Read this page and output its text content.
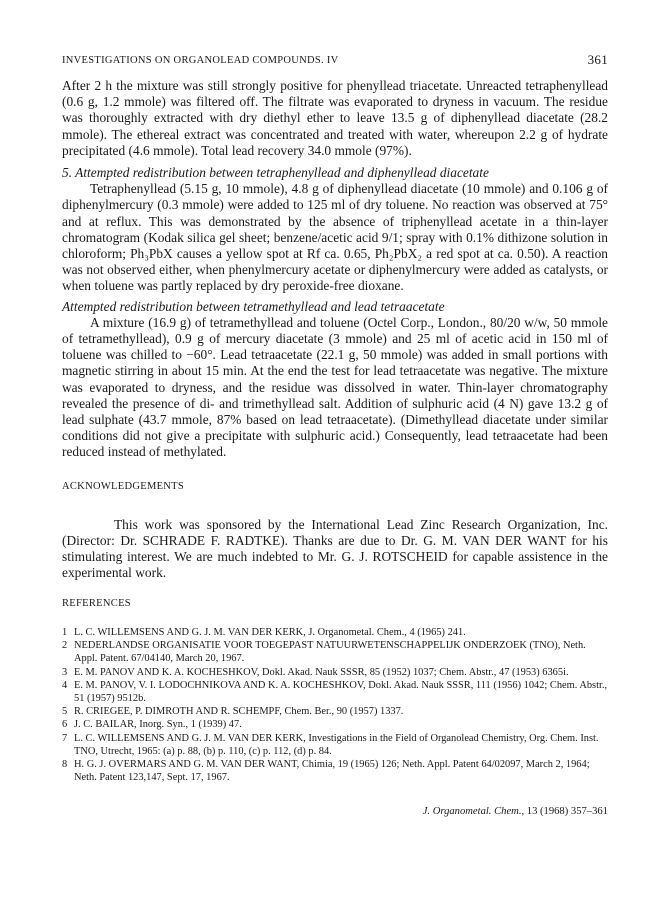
INVESTIGATIONS ON ORGANOLEAD COMPOUNDS. IV	361

After 2 h the mixture was still strongly positive for phenyllead triacetate. Unreacted tetraphenyllead (0.6 g, 1.2 mmole) was filtered off. The filtrate was evaporated to dryness in vacuum. The residue was thoroughly extracted with dry diethyl ether to leave 13.5 g of diphenyllead diacetate (28.2 mmole). The ethereal extract was concentrated and treated with water, whereupon 2.2 g of hydrate precipitated (4.6 mmole). Total lead recovery 34.0 mmole (97%).

5. Attempted redistribution between tetraphenyllead and diphenyllead diacetate

Tetraphenyllead (5.15 g, 10 mmole), 4.8 g of diphenyllead diacetate (10 mmole) and 0.106 g of diphenylmercury (0.3 mmole) were added to 125 ml of dry toluene. No reaction was observed at 75° and at reflux. This was demonstrated by the absence of triphenyllead acetate in a thin-layer chromatogram (Kodak silica gel sheet; benzene/acetic acid 9/1; spray with 0.1% dithizone solution in chloroform; Ph₃PbX causes a yellow spot at Rf ca. 0.65, Ph₂PbX₂ a red spot at ca. 0.50). A reaction was not observed either, when phenylmercury acetate or diphenylmercury were added as catalysts, or when toluene was partly replaced by dry peroxide-free dioxane.

Attempted redistribution between tetramethyllead and lead tetraacetate

A mixture (16.9 g) of tetramethyllead and toluene (Octel Corp., London., 80/20 w/w, 50 mmole of tetramethyllead), 0.9 g of mercury diacetate (3 mmole) and 25 ml of acetic acid in 150 ml of toluene was chilled to −60°. Lead tetraacetate (22.1 g, 50 mmole) was added in small portions with magnetic stirring in about 15 min. At the end the test for lead tetraacetate was negative. The mixture was evaporated to dryness, and the residue was dissolved in water. Thin-layer chromatography revealed the presence of di- and trimethyllead salt. Addition of sulphuric acid (4 N) gave 13.2 g of lead sulphate (43.7 mmole, 87% based on lead tetraacetate). (Dimethyllead diacetate under similar conditions did not give a precipitate with sulphuric acid.) Consequently, lead tetraacetate had been reduced instead of methylated.

ACKNOWLEDGEMENTS

This work was sponsored by the International Lead Zinc Research Organization, Inc. (Director: Dr. SCHRADE F. RADTKE). Thanks are due to Dr. G. M. VAN DER WANT for his stimulating interest. We are much indebted to Mr. G. J. ROTSCHEID for capable assistence in the experimental work.

REFERENCES
1 L. C. WILLEMSENS AND G. J. M. VAN DER KERK, J. Organometal. Chem., 4 (1965) 241.
2 NEDERLANDSE ORGANISATIE VOOR TOEGEPAST NATUURWETENSCHAPPELIJK ONDERZOEK (TNO), Neth. Appl. Patent. 67/04140, March 20, 1967.
3 E. M. PANOV AND K. A. KOCHESHKOV, Dokl. Akad. Nauk SSSR, 85 (1952) 1037; Chem. Abstr., 47 (1953) 6365i.
4 E. M. PANOV, V. I. LODOCHNIKOVA AND K. A. KOCHESHKOV, Dokl. Akad. Nauk SSSR, 111 (1956) 1042; Chem. Abstr., 51 (1957) 9512b.
5 R. CRIEGEE, P. DIMROTH AND R. SCHEMPF, Chem. Ber., 90 (1957) 1337.
6 J. C. BAILAR, Inorg. Syn., 1 (1939) 47.
7 L. C. WILLEMSENS AND G. J. M. VAN DER KERK, Investigations in the Field of Organolead Chemistry, Org. Chem. Inst. TNO, Utrecht, 1965: (a) p. 88, (b) p. 110, (c) p. 112, (d) p. 84.
8 H. G. J. OVERMARS AND G. M. VAN DER WANT, Chimia, 19 (1965) 126; Neth. Appl. Patent 64/02097, March 2, 1964; Neth. Patent 123,147, Sept. 17, 1967.
J. Organometal. Chem., 13 (1968) 357–361
